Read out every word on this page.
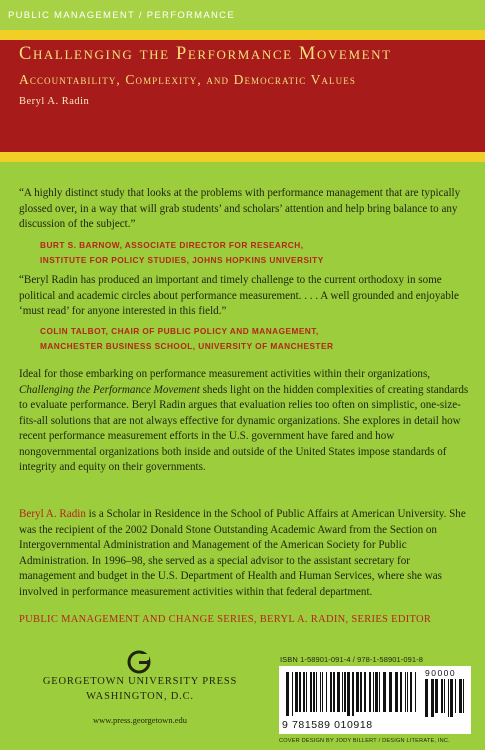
PUBLIC MANAGEMENT / PERFORMANCE
Challenging the Performance Movement
Accountability, Complexity, and Democratic Values
Beryl A. Radin
“A highly distinct study that looks at the problems with performance management that are typically glossed over, in a way that will grab students’ and scholars’ attention and help bring balance to any discussion of the subject.”
BURT S. BARNOW, ASSOCIATE DIRECTOR FOR RESEARCH,
INSTITUTE FOR POLICY STUDIES, JOHNS HOPKINS UNIVERSITY
“Beryl Radin has produced an important and timely challenge to the current orthodoxy in some political and academic circles about performance measurement. . . . A well grounded and enjoyable ‘must read’ for anyone interested in this field.”
COLIN TALBOT, CHAIR OF PUBLIC POLICY AND MANAGEMENT,
MANCHESTER BUSINESS SCHOOL, UNIVERSITY OF MANCHESTER
Ideal for those embarking on performance measurement activities within their organizations, Challenging the Performance Movement sheds light on the hidden complexities of creating standards to evaluate performance. Beryl Radin argues that evaluation relies too often on simplistic, one-size-fits-all solutions that are not always effective for dynamic organizations. She explores in detail how recent performance measurement efforts in the U.S. government have fared and how nongovernmental organizations both inside and outside of the United States impose standards of integrity and equity on their governments.
Beryl A. Radin is a Scholar in Residence in the School of Public Affairs at American University. She was the recipient of the 2002 Donald Stone Outstanding Academic Award from the Section on Intergovernmental Administration and Management of the American Society for Public Administration. In 1996–98, she served as a special advisor to the assistant secretary for management and budget in the U.S. Department of Health and Human Services, where she was involved in performance measurement activities within that federal department.
PUBLIC MANAGEMENT AND CHANGE SERIES, BERYL A. RADIN, SERIES EDITOR
GEORGETOWN UNIVERSITY PRESS
WASHINGTON, D.C.
www.press.georgetown.edu
ISBN 1-58901-091-4 / 978-1-58901-091-8
9 781589 010918
90000
COVER DESIGN BY JODY BILLERT / DESIGN LITERATE, INC.
